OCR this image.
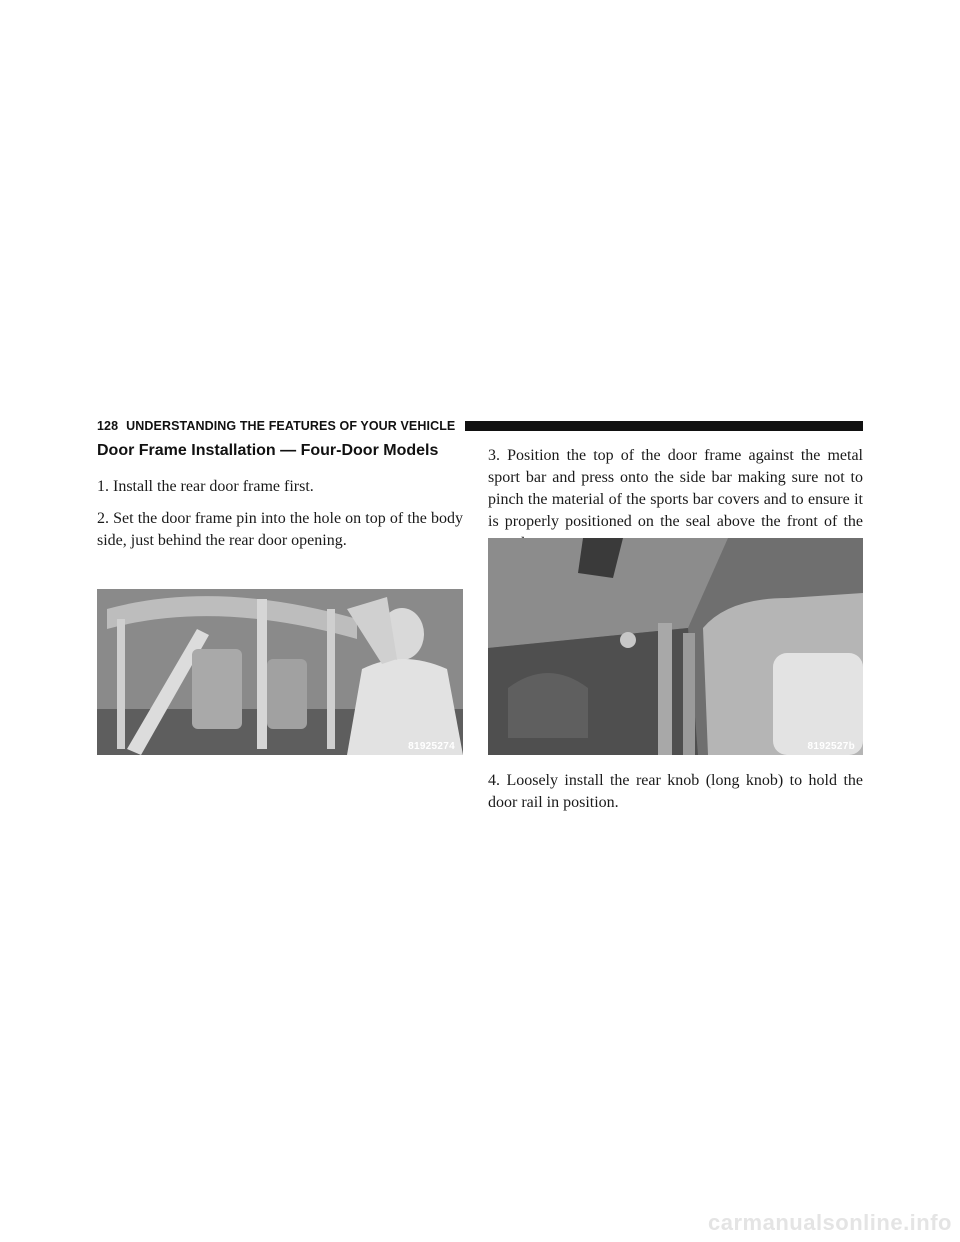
128 UNDERSTANDING THE FEATURES OF YOUR VEHICLE
Door Frame Installation — Four-Door Models

1. Install the rear door frame first.

2. Set the door frame pin into the hole on top of the body side, just behind the rear door opening.

81925274

3. Position the top of the door frame against the metal sport bar and press onto the side bar making sure not to pinch the material of the sports bar covers and to ensure it is properly positioned on the seal above the front of the

8192527b

4. Loosely install the rear knob (long knob) to hold the door rail in position.

carmanualsonline.info
